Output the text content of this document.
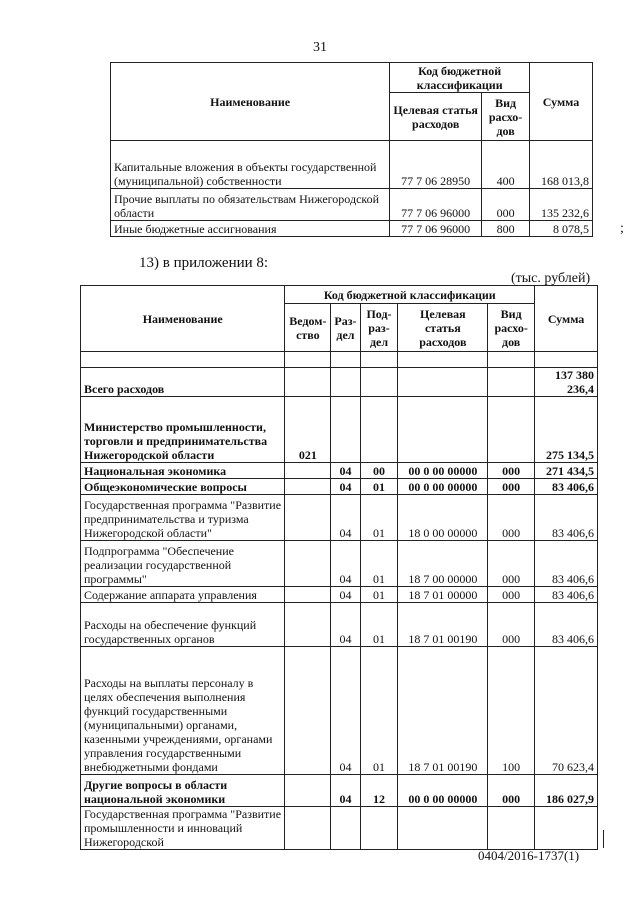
31
Наименование	Код бюджетной классификации		Сумма
	Целевая статья расходов	Вид расхо-дов	
Капитальные вложения в объекты государственной (муниципальной) собственности	77 7 06 28950	400	168 013,8
Прочие выплаты по обязательствам Нижегородской области	77 7 06 96000	000	135 232,6
Иные бюджетные ассигнования	77 7 06 96000	800	8 078,5 ;
13) в приложении 8:
(тыс. рублей)
Наименование	Код бюджетной классификации					Сумма
	Ведом-ство	Раз-дел	Под-раз-дел	Целевая статья расходов	Вид расхо-дов	

Всего расходов						137 380 236,4
Министерство промышленности, торговли и предпринимательства Нижегородской области	021					275 134,5
Национальная экономика		04	00	00 0 00 00000	000	271 434,5
Общеэкономические вопросы		04	01	00 0 00 00000	000	83 406,6
Государственная программа "Развитие предпринимательства и туризма Нижегородской области"		04	01	18 0 00 00000	000	83 406,6
Подпрограмма "Обеспечение реализации государственной программы"		04	01	18 7 00 00000	000	83 406,6
Содержание аппарата управления		04	01	18 7 01 00000	000	83 406,6
Расходы на обеспечение функций государственных органов		04	01	18 7 01 00190	000	83 406,6
Расходы на выплаты персоналу в целях обеспечения выполнения функций государственными (муниципальными) органами, казенными учреждениями, органами управления государственными внебюджетными фондами		04	01	18 7 01 00190	100	70 623,4
Другие вопросы в области национальной экономики		04	12	00 0 00 00000	000	186 027,9
Государственная программа "Развитие промышленности и инноваций Нижегородской						
0404/2016-1737(1)
